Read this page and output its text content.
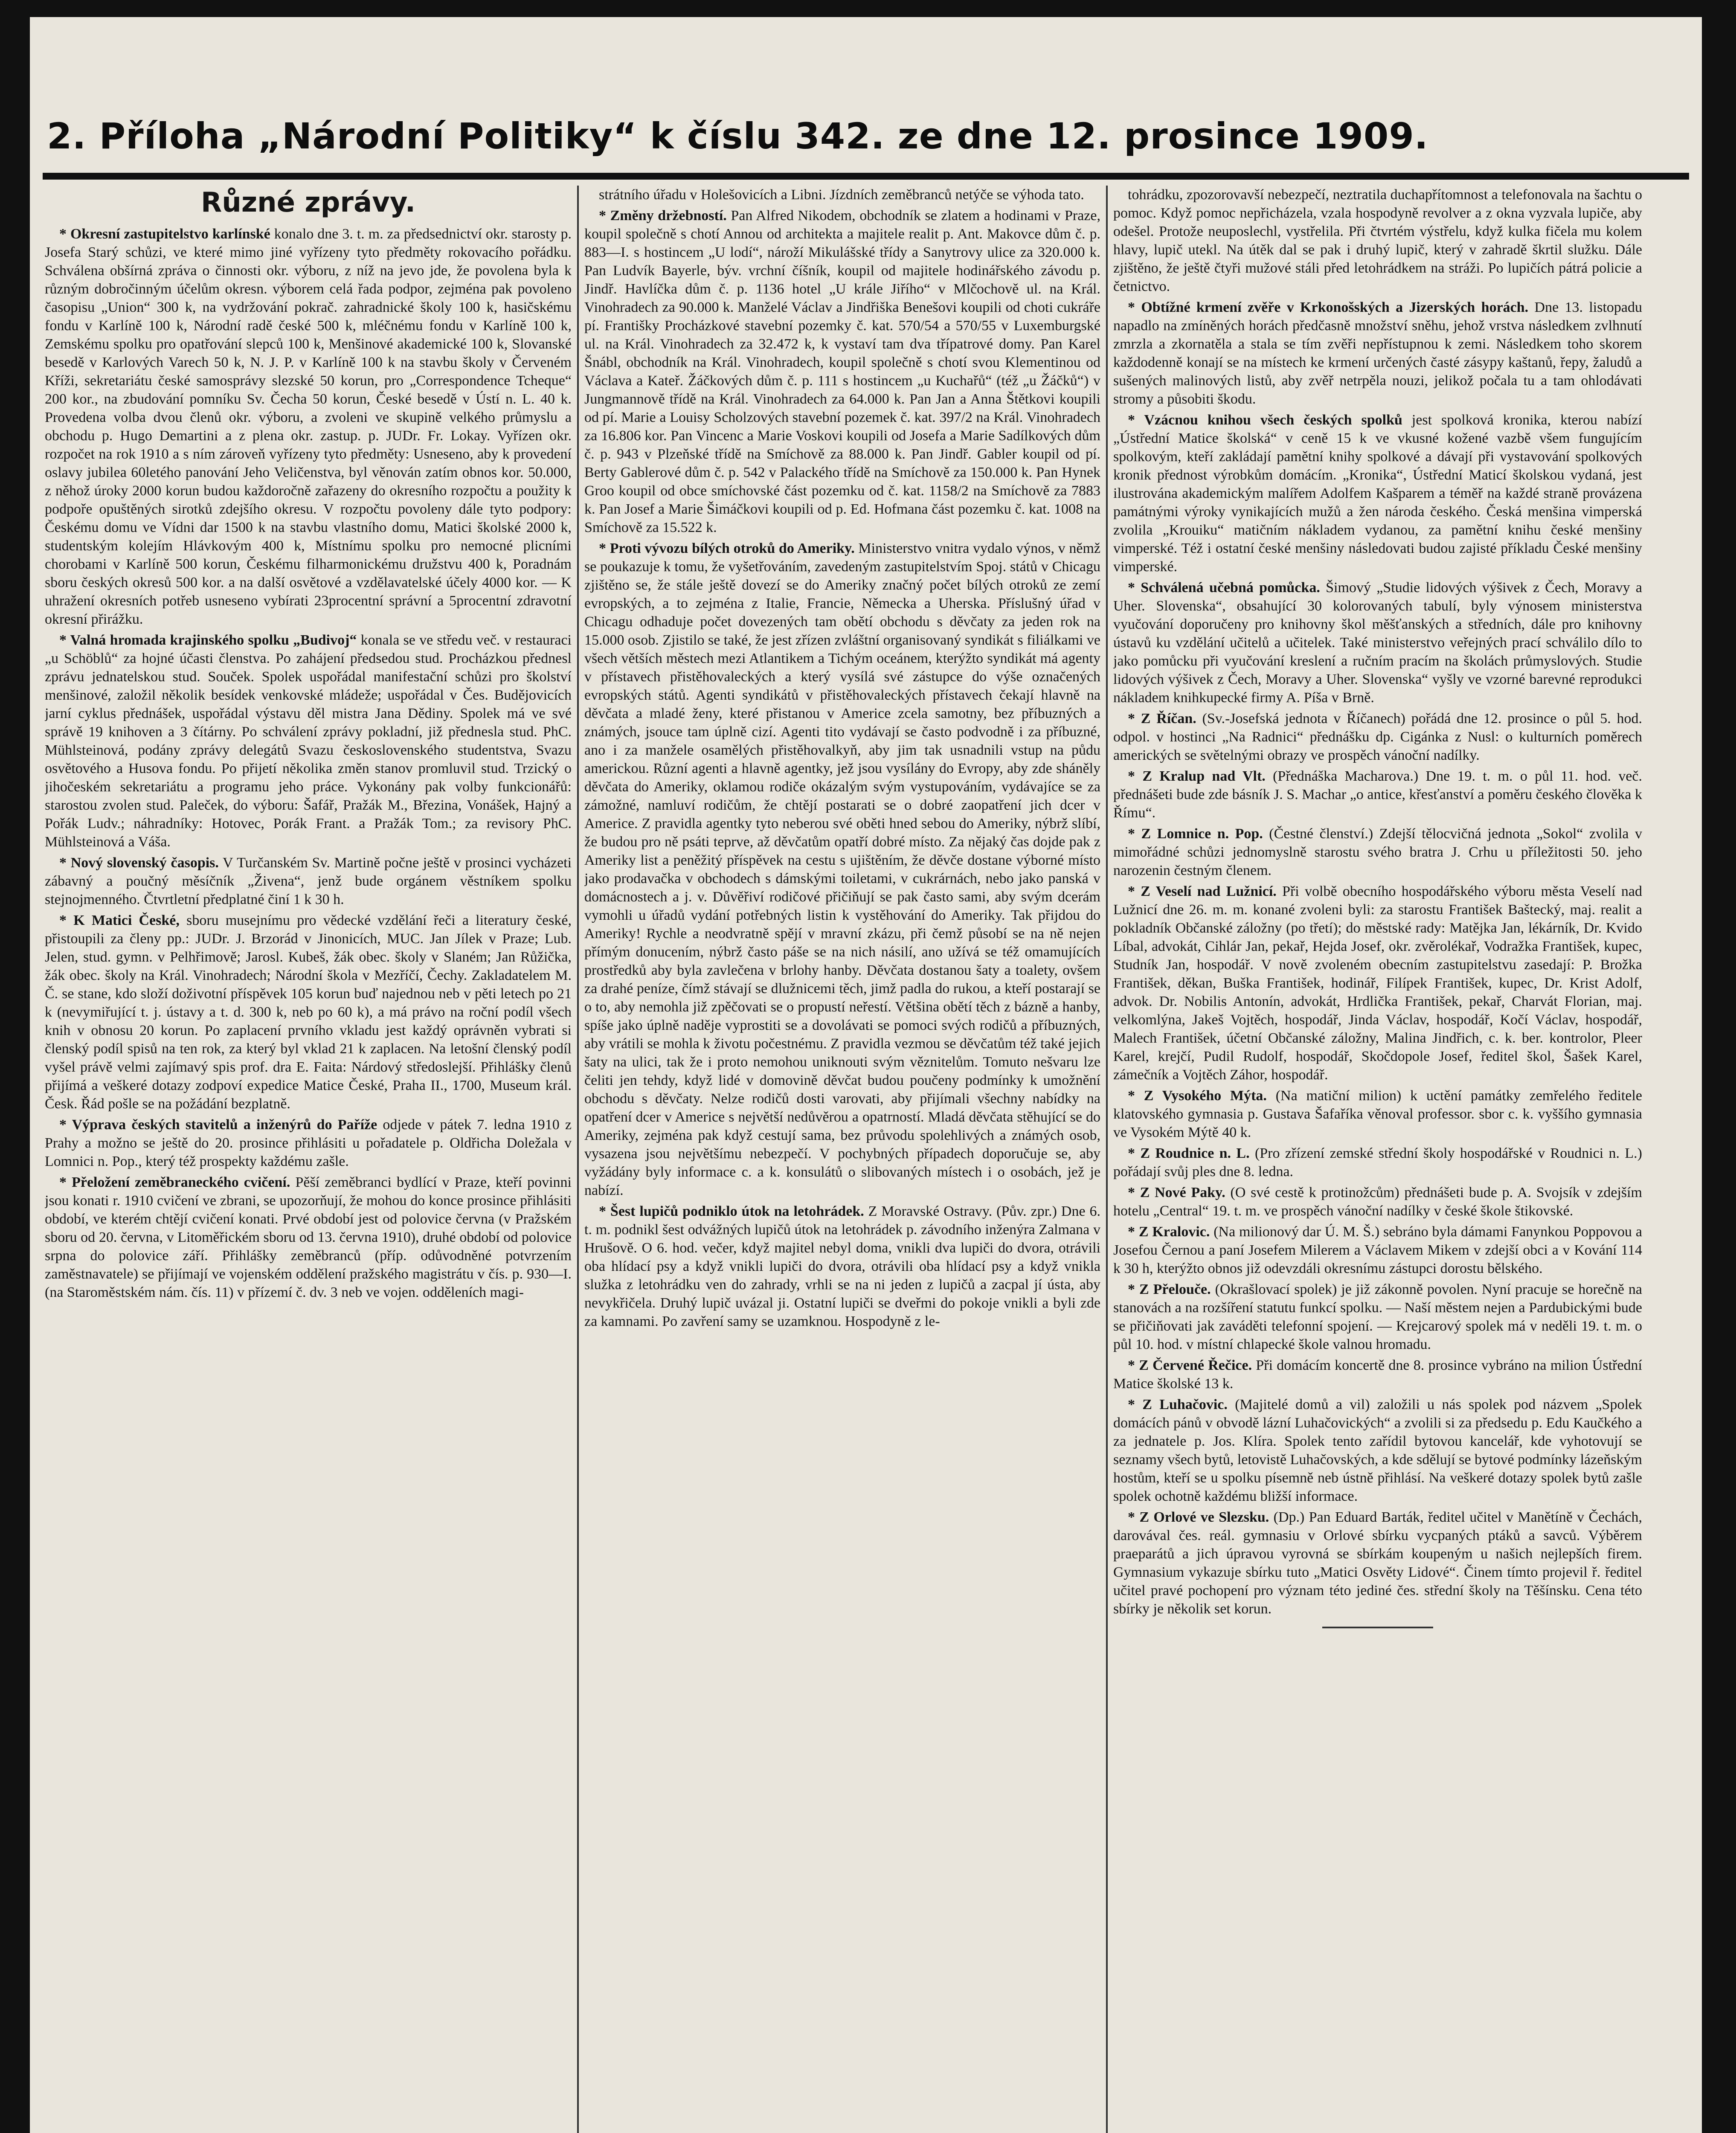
2. Příloha „Národní Politiky“ k číslu 342. ze dne 12. prosince 1909.
Různé zprávy.

* Okresní zastupitelstvo karlínské konalo dne 3. t. m. za předsednictví okr. starosty p. Josefa Starý schůzi, ve které mimo jiné vyřízeny tyto předměty rokovacího pořádku. Schválena obšírná zpráva o činnosti okr. výboru, z níž na jevo jde, že povolena byla k různým dobročinným účelům okresn. výborem celá řada podpor, zejména pak povoleno časopisu „Union“ 300 k, na vydržování pokrač. zahradnické školy 100 k, hasičskému fondu v Karlíně 100 k, Národní radě české 500 k, mléčnému fondu v Karlíně 100 k, Zemskému spolku pro opatřování slepců 100 k, Menšinové akademické 100 k, Slovanské besedě v Karlových Varech 50 k, N. J. P. v Karlíně 100 k na stavbu školy v Červeném Kříži, sekretariátu české samosprávy slezské 50 korun, pro „Correspondence Tcheque“ 200 kor., na zbudování pomníku Sv. Čecha 50 korun, České besedě v Ústí n. L. 40 k. Provedena volba dvou členů okr. výboru, a zvoleni ve skupině velkého průmyslu a obchodu p. Hugo Demartini a z plena okr. zastup. p. JUDr. Fr. Lokay. Vyřízen okr. rozpočet na rok 1910 a s ním zároveň vyřízeny tyto předměty: Usneseno, aby k provedení oslavy jubilea 60letého panování Jeho Veličenstva, byl věnován zatím obnos kor. 50.000, z něhož úroky 2000 korun budou každoročně zařazeny do okresního rozpočtu a použity k podpoře opuštěných sirotků zdejšího okresu. V rozpočtu povoleny dále tyto podpory: Českému domu ve Vídni dar 1500 k na stavbu vlastního domu, Matici školské 2000 k, studentským kolejím Hlávkovým 400 k, Místnímu spolku pro nemocné plicními chorobami v Karlíně 500 korun, Českému filharmonickému družstvu 400 k, Poradnám sboru českých okresů 500 kor. a na další osvětové a vzdělavatelské účely 4000 kor. — K uhražení okresních potřeb usneseno vybírati 23procentní správní a 5procentní zdravotní okresní přirážku.

* Valná hromada krajinského spolku „Budivoj“ konala se ve středu več. v restauraci „u Schöblů“ za hojné účasti členstva. Po zahájení předsedou stud. Procházkou přednesl zprávu jednatelskou stud. Souček. Spolek uspořádal manifestační schůzi pro školství menšinové, založil několik besídek venkovské mládeže; uspořádal v Čes. Budějovicích jarní cyklus přednášek, uspořádal výstavu děl mistra Jana Dědiny. Spolek má ve své správě 19 knihoven a 3 čítárny. Po schválení zprávy pokladní, již přednesla stud. PhC. Mühlsteinová, podány zprávy delegátů Svazu československého studentstva, Svazu osvětového a Husova fondu. Po přijetí několika změn stanov promluvil stud. Trzický o jihočeském sekretariátu a programu jeho práce. Vykonány pak volby funkcionářů: starostou zvolen stud. Paleček, do výboru: Šafář, Pražák M., Březina, Vonášek, Hajný a Pořák Ludv.; náhradníky: Hotovec, Porák Frant. a Pražák Tom.; za revisory PhC. Mühlsteinová a Váša.

* Nový slovenský časopis. V Turčanském Sv. Martině počne ještě v prosinci vycházeti zábavný a poučný měsíčník „Živena“, jenž bude orgánem věstníkem spolku stejnojmenného. Čtvrtletní předplatné činí 1 k 30 h.

* K Matici České, sboru musejnímu pro vědecké vzdělání řeči a literatury české, přistoupili za členy pp.: JUDr. J. Brzorád v Jinonicích, MUC. Jan Jílek v Praze; Lub. Jelen, stud. gymn. v Pelhřimově; Jarosl. Kubeš, žák obec. školy v Slaném; Jan Růžička, žák obec. školy na Král. Vinohradech; Národní škola v Mezříčí, Čechy. Zakladatelem M. Č. se stane, kdo složí doživotní příspěvek 105 korun buď najednou neb v pěti letech po 21 k (nevymiřující t. j. ústavy a t. d. 300 k, neb po 60 k), a má právo na roční podíl všech knih v obnosu 20 korun. Po zaplacení prvního vkladu jest každý oprávněn vybrati si členský podíl spisů na ten rok, za který byl vklad 21 k zaplacen. Na letošní členský podíl vyšel právě velmi zajímavý spis prof. dra E. Faita: Nárdový středoslejší. Přihlášky členů přijímá a veškeré dotazy zodpoví expedice Matice České, Praha II., 1700, Museum král. Česk. Řád pošle se na požádání bezplatně.

* Výprava českých stavitelů a inženýrů do Paříže odjede v pátek 7. ledna 1910 z Prahy a možno se ještě do 20. prosince přihlásiti u pořadatele p. Oldřicha Doležala v Lomnici n. Pop., který též prospekty každému zašle.

* Přeložení zeměbraneckého cvičení. Pěší zeměbranci bydlící v Praze, kteří povinni jsou konati r. 1910 cvičení ve zbrani, se upozorňují, že mohou do konce prosince přihlásiti období, ve kterém chtějí cvičení konati. Prvé období jest od polovice června (v Pražském sboru od 20. června, v Litoměřickém sboru od 13. června 1910), druhé období od polovice srpna do polovice září. Přihlášky zeměbranců (příp. odůvodněné potvrzením zaměstnavatele) se přijímají ve vojenském oddělení pražského magistrátu v čís. p. 930—I. (na Staroměstském nám. čís. 11) v přízemí č. dv. 3 neb ve vojen. odděleních magi-

strátního úřadu v Holešovicích a Libni. Jízdních zeměbranců netýče se výhoda tato.

* Změny držebností. Pan Alfred Nikodem, obchodník se zlatem a hodinami v Praze, koupil společně s chotí Annou od architekta a majitele realit p. Ant. Makovce dům č. p. 883—I. s hostincem „U lodí“, nároží Mikulášské třídy a Sanytrovy ulice za 320.000 k. Pan Ludvík Bayerle, býv. vrchní číšník, koupil od majitele hodinářského závodu p. Jindř. Havlíčka dům č. p. 1136 hotel „U krále Jiřího“ v Mlčochově ul. na Král. Vinohradech za 90.000 k. Manželé Václav a Jindřiška Benešovi koupili od choti cukráře pí. Františky Procházkové stavební pozemky č. kat. 570/54 a 570/55 v Luxemburgské ul. na Král. Vinohradech za 32.472 k, k vystaví tam dva třípatrové domy. Pan Karel Šnábl, obchodník na Král. Vinohradech, koupil společně s chotí svou Klementinou od Václava a Kateř. Žáčkových dům č. p. 111 s hostincem „u Kuchařů“ (též „u Žáčků“) v Jungmannově třídě na Král. Vinohradech za 64.000 k. Pan Jan a Anna Štětkovi koupili od pí. Marie a Louisy Scholzových stavební pozemek č. kat. 397/2 na Král. Vinohradech za 16.806 kor. Pan Vincenc a Marie Voskovi koupili od Josefa a Marie Sadílkových dům č. p. 943 v Plzeňské třídě na Smíchově za 88.000 k. Pan Jindř. Gabler koupil od pí. Berty Gablerové dům č. p. 542 v Palackého třídě na Smíchově za 150.000 k. Pan Hynek Groo koupil od obce smíchovské část pozemku od č. kat. 1158/2 na Smíchově za 7883 k. Pan Josef a Marie Šimáčkovi koupili od p. Ed. Hofmana část pozemku č. kat. 1008 na Smíchově za 15.522 k.

* Proti vývozu bílých otroků do Ameriky. Ministerstvo vnitra vydalo výnos, v němž se poukazuje k tomu, že vyšetřováním, zavedeným zastupitelstvím Spoj. států v Chicagu zjištěno se, že stále ještě dovezí se do Ameriky značný počet bílých otroků ze zemí evropských, a to zejména z Italie, Francie, Německa a Uherska. Příslušný úřad v Chicagu odhaduje počet dovezených tam obětí obchodu s děvčaty za jeden rok na 15.000 osob. Zjistilo se také, že jest zřízen zvláštní organisovaný syndikát s filiálkami ve všech větších městech mezi Atlantikem a Tichým oceánem, kterýžto syndikát má agenty v přístavech přistěhovaleckých a který vysílá své zástupce do výše označených evropských států. Agenti syndikátů v přistěhovaleckých přístavech čekají hlavně na děvčata a mladé ženy, které přistanou v Americe zcela samotny, bez příbuzných a známých, jsouce tam úplně cizí. Agenti tito vydávají se často podvodně i za příbuzné, ano i za manžele osamělých přistěhovalkyň, aby jim tak usnadnili vstup na půdu americkou. Různí agenti a hlavně agentky, jež jsou vysílány do Evropy, aby zde sháněly děvčata do Ameriky, oklamou rodiče okázalým svým vystupováním, vydávajíce se za zámožné, namluví rodičům, že chtějí postarati se o dobré zaopatření jich dcer v Americe. Z pravidla agentky tyto neberou své oběti hned sebou do Ameriky, nýbrž slíbí, že budou pro ně psáti teprve, až děvčatům opatří dobré místo. Za nějaký čas dojde pak z Ameriky list a peněžitý příspěvek na cestu s ujištěním, že děvče dostane výborné místo jako prodavačka v obchodech s dámskými toiletami, v cukrárnách, nebo jako panská v domácnostech a j. v. Důvěřiví rodičové přičiňují se pak často sami, aby svým dcerám vymohli u úřadů vydání potřebných listin k vystěhování do Ameriky. Tak přijdou do Ameriky! Rychle a neodvratně spějí v mravní zkázu, při čemž působí se na ně nejen přímým donucením, nýbrž často páše se na nich násilí, ano užívá se též omamujících prostředků aby byla zavlečena v brlohy hanby. Děvčata dostanou šaty a toalety, ovšem za drahé peníze, čímž stávají se dlužnicemi těch, jimž padla do rukou, a kteří postarají se o to, aby nemohla již zpěčovati se o propustí neřestí. Většina obětí těch z bázně a hanby, spíše jako úplně naděje vyprostiti se a dovolávati se pomoci svých rodičů a příbuzných, aby vrátili se mohla k životu počestnému. Z pravidla vezmou se děvčatům též také jejich šaty na ulici, tak že i proto nemohou uniknouti svým věznitelům. Tomuto nešvaru lze čeliti jen tehdy, když lidé v domovině děvčat budou poučeny podmínky k umožnění obchodu s děvčaty. Nelze rodičů dosti varovati, aby přijímali všechny nabídky na opatření dcer v Americe s největší nedůvěrou a opatrností. Mladá děvčata stěhující se do Ameriky, zejména pak když cestují sama, bez průvodu spolehlivých a známých osob, vysazena jsou největšímu nebezpečí. V pochybných případech doporučuje se, aby vyžádány byly informace c. a k. konsulátů o slibovaných místech i o osobách, jež je nabízí.

* Šest lupičů podniklo útok na letohrádek. Z Moravské Ostravy. (Pův. zpr.) Dne 6. t. m. podnikl šest odvážných lupičů útok na letohrádek p. závodního inženýra Zalmana v Hrušově. O 6. hod. večer, když majitel nebyl doma, vnikli dva lupiči do dvora, otrávili oba hlídací psy a když vnikli lupiči do dvora, otrávili oba hlídací psy a když vnikla služka z letohrádku ven do zahrady, vrhli se na ni jeden z lupičů a zacpal jí ústa, aby nevykřičela. Druhý lupič uvázal ji. Ostatní lupiči se dveřmi do pokoje vnikli a byli zde za kamnami. Po zavření samy se uzamknou. Hospodyně z le-

tohrádku, zpozorovavší nebezpečí, neztratila duchapřítomnost a telefonovala na šachtu o pomoc. Když pomoc nepřicházela, vzala hospodyně revolver a z okna vyzvala lupiče, aby odešel. Protože neuposlechl, vystřelila. Při čtvrtém výstřelu, když kulka fičela mu kolem hlavy, lupič utekl. Na útěk dal se pak i druhý lupič, který v zahradě škrtil služku. Dále zjištěno, že ještě čtyři mužové stáli před letohrádkem na stráži. Po lupičích pátrá policie a četnictvo.

* Obtížné krmení zvěře v Krkonošských a Jizerských horách. Dne 13. listopadu napadlo na zmíněných horách předčasně množství sněhu, jehož vrstva následkem zvlhnutí zmrzla a zkornatěla a stala se tím zvěři nepřístupnou k zemi. Následkem toho skorem každodenně konají se na místech ke krmení určených časté zásypy kaštanů, řepy, žaludů a sušených malinových listů, aby zvěř netrpěla nouzi, jelikož počala tu a tam ohlodávati stromy a působiti škodu.

* Vzácnou knihou všech českých spolků jest spolková kronika, kterou nabízí „Ústřední Matice školská“ v ceně 15 k ve vkusné kožené vazbě všem fungujícím spolkovým, kteří zakládají pamětní knihy spolkové a dávají při vystavování spolkových kronik přednost výrobkům domácím. „Kronika“, Ústřední Maticí školskou vydaná, jest ilustrována akademickým malířem Adolfem Kašparem a téměř na každé straně provázena památnými výroky vynikajících mužů a žen národa českého. Česká menšina vimperská zvolila „Krouiku“ matičním nákladem vydanou, za pamětní knihu české menšiny vimperské. Též i ostatní české menšiny následovati budou zajisté příkladu České menšiny vimperské.

* Schválená učebná pomůcka. Šimový „Studie lidových výšivek z Čech, Moravy a Uher. Slovenska“, obsahující 30 kolorovaných tabulí, byly výnosem ministerstva vyučování doporučeny pro knihovny škol měšťanských a středních, dále pro knihovny ústavů ku vzdělání učitelů a učitelek. Také ministerstvo veřejných prací schválilo dílo to jako pomůcku při vyučování kreslení a ručním pracím na školách průmyslových. Studie lidových výšivek z Čech, Moravy a Uher. Slovenska“ vyšly ve vzorné barevné reprodukci nákladem knihkupecké firmy A. Píša v Brně.

* Z Říčan. (Sv.-Josefská jednota v Říčanech) pořádá dne 12. prosince o půl 5. hod. odpol. v hostinci „Na Radnici“ přednášku dp. Cigánka z Nusl: o kulturních poměrech amerických se světelnými obrazy ve prospěch vánoční nadílky.

* Z Kralup nad Vlt. (Přednáška Macharova.) Dne 19. t. m. o půl 11. hod. več. přednášeti bude zde básník J. S. Machar „o antice, křesťanství a poměru českého člověka k Římu“.

* Z Lomnice n. Pop. (Čestné členství.) Zdejší tělocvičná jednota „Sokol“ zvolila v mimořádné schůzi jednomyslně starostu svého bratra J. Crhu u příležitosti 50. jeho narozenin čestným členem.

* Z Veselí nad Lužnicí. Při volbě obecního hospodářského výboru města Veselí nad Lužnicí dne 26. m. m. konané zvoleni byli: za starostu František Baštecký, maj. realit a pokladník Občanské záložny (po třetí); do městské rady: Matějka Jan, lékárník, Dr. Kvido Líbal, advokát, Cihlár Jan, pekař, Hejda Josef, okr. zvěrolékař, Vodražka František, kupec, Studník Jan, hospodář. V nově zvoleném obecním zastupitelstvu zasedají: P. Brožka František, děkan, Buška František, hodinář, Filípek František, kupec, Dr. Krist Adolf, advok. Dr. Nobilis Antonín, advokát, Hrdlička František, pekař, Charvát Florian, maj. velkomlýna, Jakeš Vojtěch, hospodář, Jinda Václav, hospodář, Kočí Václav, hospodář, Malech František, účetní Občanské záložny, Malina Jindřich, c. k. ber. kontrolor, Pleer Karel, krejčí, Pudil Rudolf, hospodář, Skočdopole Josef, ředitel škol, Šašek Karel, zámečník a Vojtěch Záhor, hospodář.

* Z Vysokého Mýta. (Na matiční milion) k uctění památky zemřelého ředitele klatovského gymnasia p. Gustava Šafaříka věnoval professor. sbor c. k. vyššího gymnasia ve Vysokém Mýtě 40 k.

* Z Roudnice n. L. (Pro zřízení zemské střední školy hospodářské v Roudnici n. L.) pořádají svůj ples dne 8. ledna.

* Z Nové Paky. (O své cestě k protinožcům) přednášeti bude p. A. Svojsík v zdejším hotelu „Central“ 19. t. m. ve prospěch vánoční nadílky v české škole štikovské.

* Z Kralovic. (Na milionový dar Ú. M. Š.) sebráno byla dámami Fanynkou Poppovou a Josefou Černou a paní Josefem Milerem a Václavem Mikem v zdejší obci a v Kování 114 k 30 h, kterýžto obnos již odevzdáli okresnímu zástupci dorostu bělského.

* Z Přelouče. (Okrašlovací spolek) je již zákonně povolen. Nyní pracuje se horečně na stanovách a na rozšíření statutu funkcí spolku. — Naší městem nejen a Pardubickými bude se přičiňovati jak zaváděti telefonní spojení. — Krejcarový spolek má v neděli 19. t. m. o půl 10. hod. v místní chlapecké škole valnou hromadu.

* Z Červené Řečice. Při domácím koncertě dne 8. prosince vybráno na milion Ústřední Matice školské 13 k.

* Z Luhačovic. (Majitelé domů a vil) založili u nás spolek pod názvem „Spolek domácích pánů v obvodě lázní Luhačovických“ a zvolili si za předsedu p. Edu Kaučkého a za jednatele p. Jos. Klíra. Spolek tento zařídil bytovou kancelář, kde vyhotovují se seznamy všech bytů, letovistě Luhačovských, a kde sdělují se bytové podmínky lázeňským hostům, kteří se u spolku písemně neb ústně přihlásí. Na veškeré dotazy spolek bytů zašle spolek ochotně každému bližší informace.

* Z Orlové ve Slezsku. (Dp.) Pan Eduard Barták, ředitel učitel v Manětíně v Čechách, darovával čes. reál. gymnasiu v Orlové sbírku vycpaných ptáků a savců. Výběrem praeparátů a jich úpravou vyrovná se sbírkám koupeným u našich nejlepších firem. Gymnasium vykazuje sbírku tuto „Matici Osvěty Lidové“. Činem tímto projevil ř. ředitel učitel pravé pochopení pro význam této jediné čes. střední školy na Těšínsku. Cena této sbírky je několik set korun.
